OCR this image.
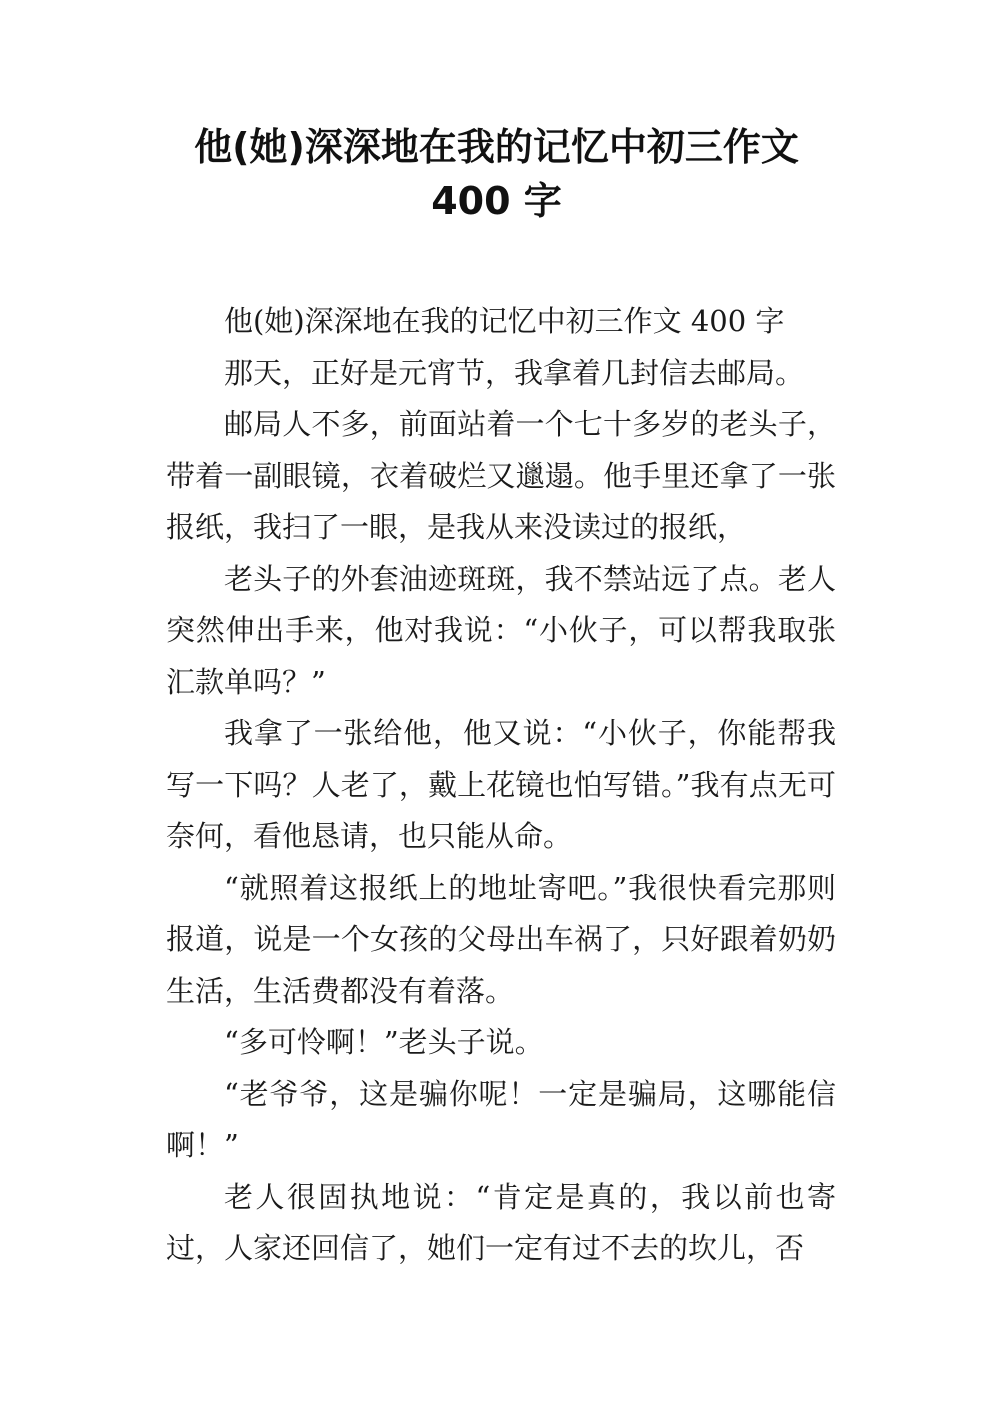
他(她)深深地在我的记忆中初三作文
400 字

他(她)深深地在我的记忆中初三作文 400 字

那天，正好是元宵节，我拿着几封信去邮局。

邮局人不多，前面站着一个七十多岁的老头子，带着一副眼镜，衣着破烂又邋遢。他手里还拿了一张报纸，我扫了一眼，是我从来没读过的报纸，

老头子的外套油迹斑斑，我不禁站远了点。老人突然伸出手来，他对我说：“小伙子，可以帮我取张汇款单吗？”

我拿了一张给他，他又说：“小伙子，你能帮我写一下吗？人老了，戴上花镜也怕写错。”我有点无可奈何，看他恳请，也只能从命。

“就照着这报纸上的地址寄吧。”我很快看完那则报道，说是一个女孩的父母出车祸了，只好跟着奶奶生活，生活费都没有着落。

“多可怜啊！”老头子说。

“老爷爷，这是骗你呢！一定是骗局，这哪能信啊！”

老人很固执地说：“肯定是真的，我以前也寄过，人家还回信了，她们一定有过不去的坎儿，否
